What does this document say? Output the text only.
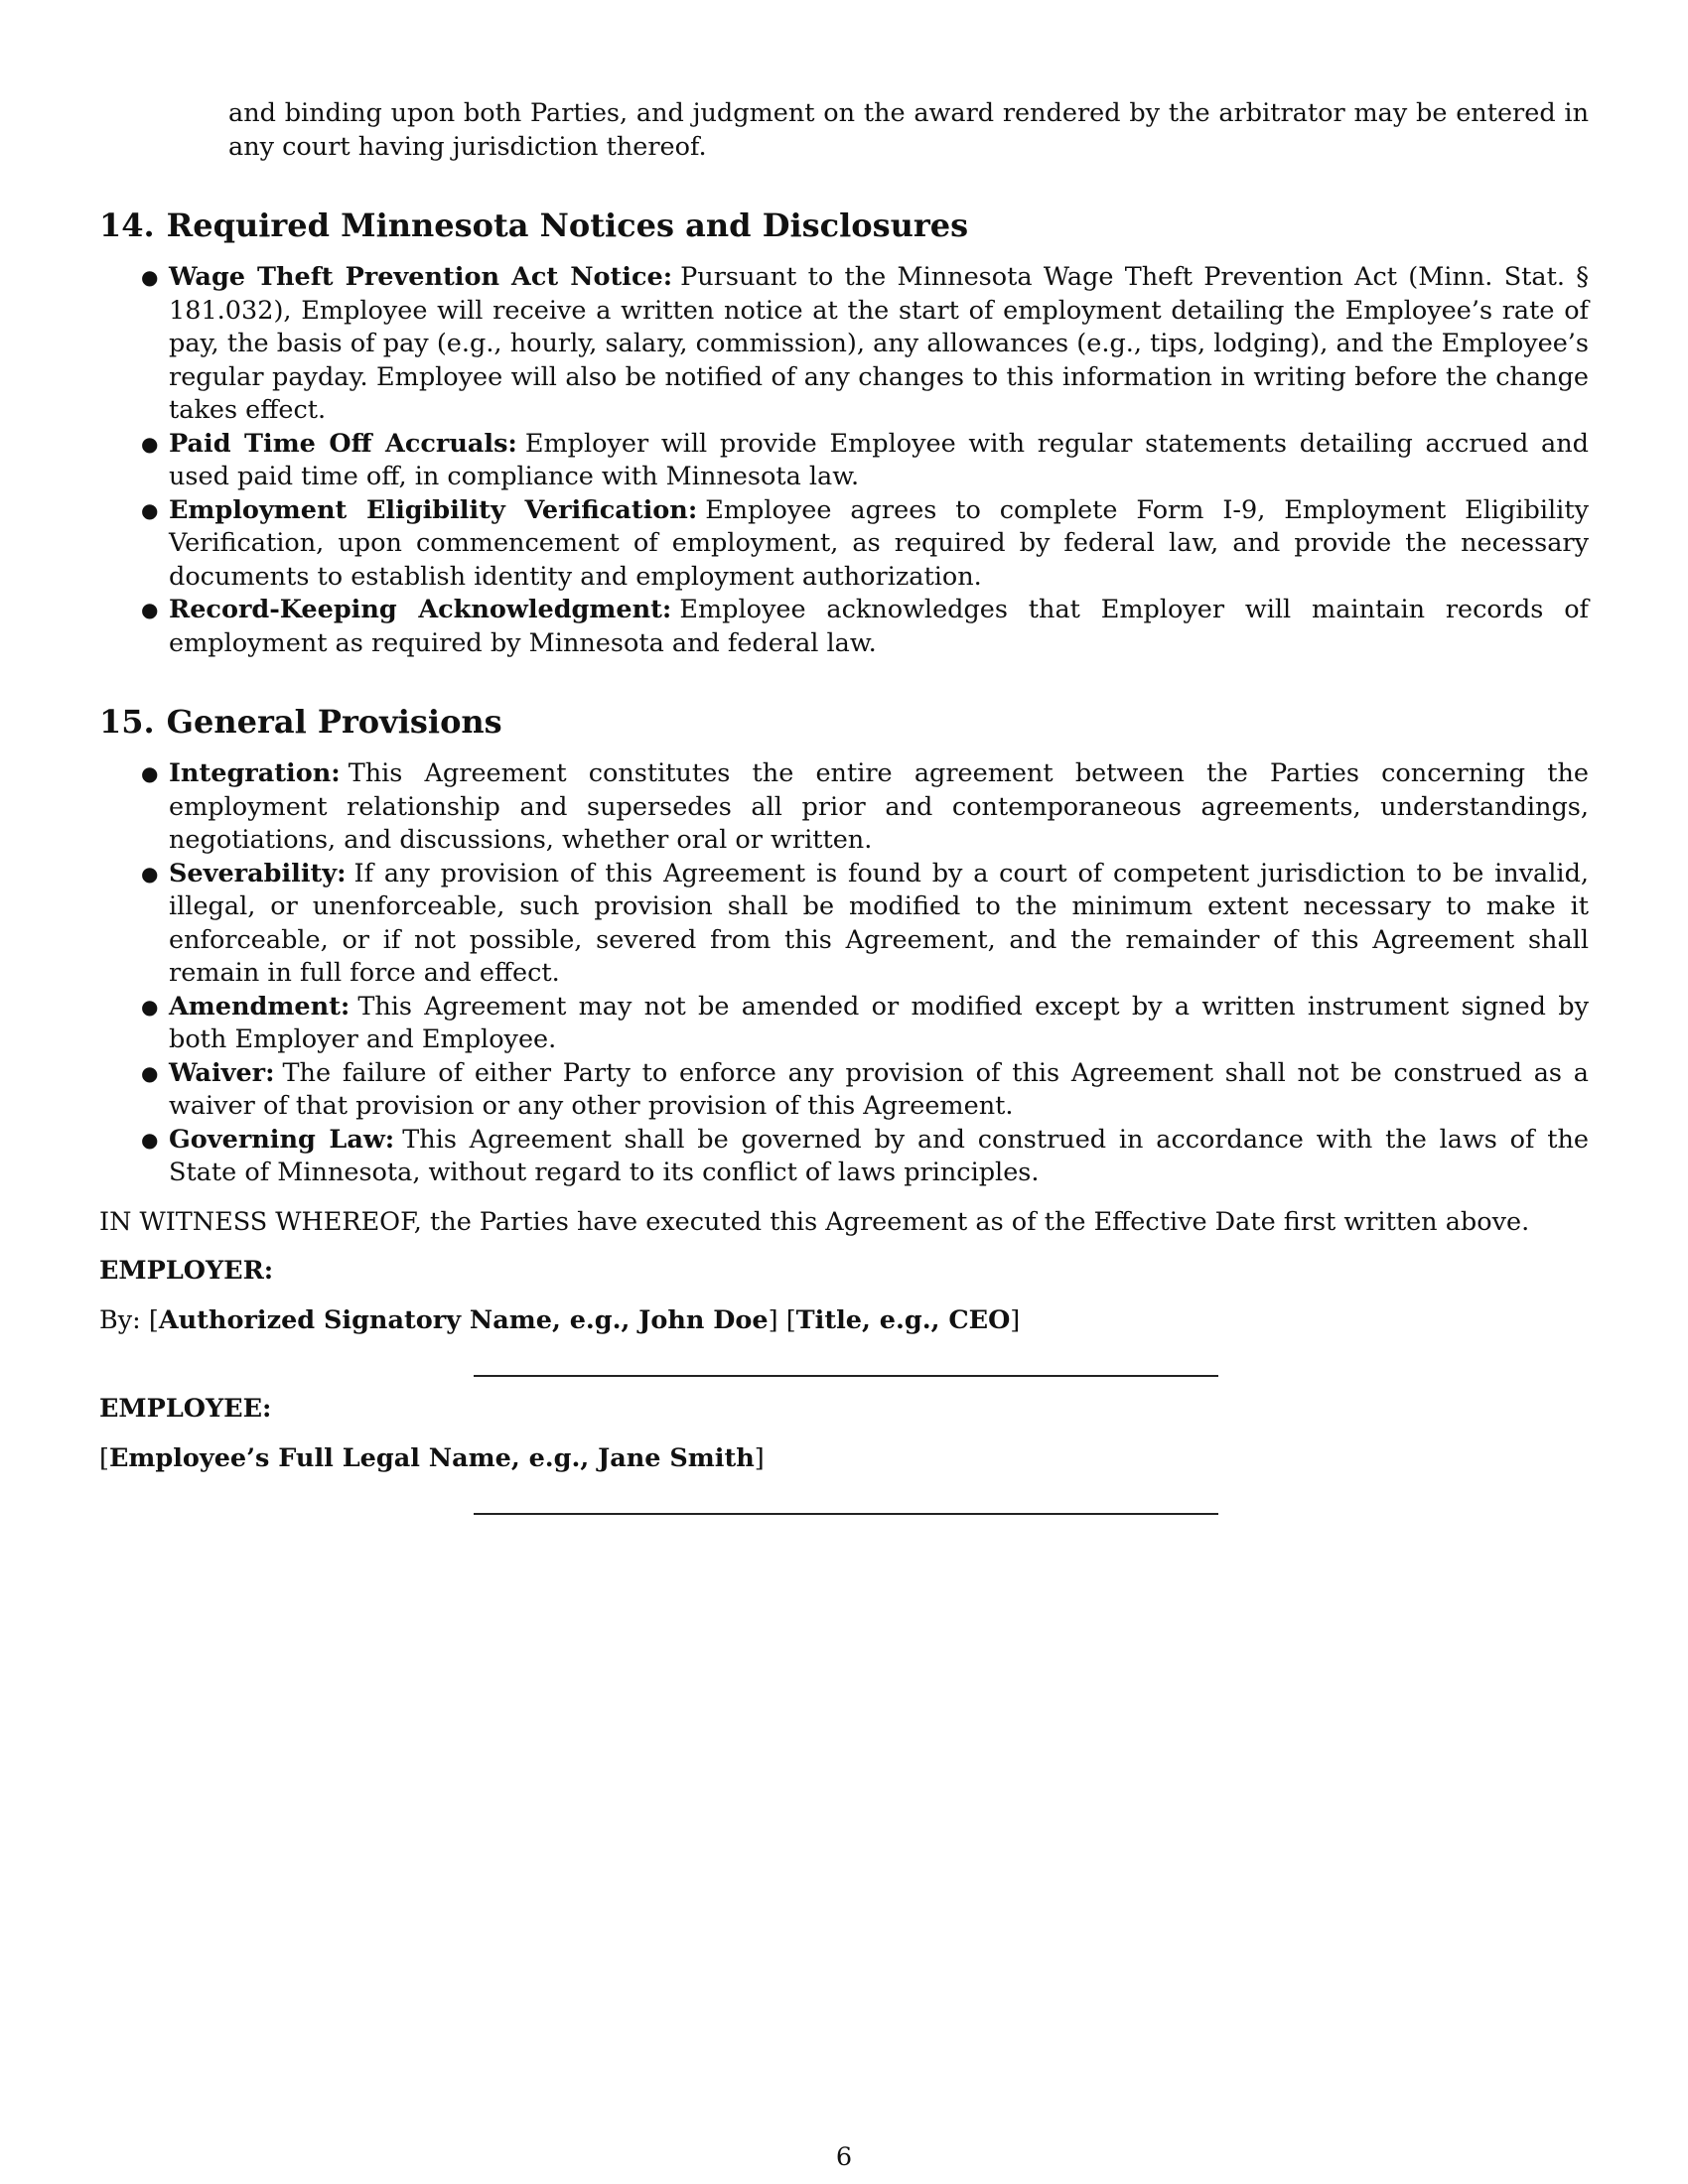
and binding upon both Parties, and judgment on the award rendered by the arbitrator may be entered in any court having jurisdiction thereof.

14. Required Minnesota Notices and Disclosures
● Wage Theft Prevention Act Notice: Pursuant to the Minnesota Wage Theft Prevention Act (Minn. Stat. § 181.032), Employee will receive a written notice at the start of employment detailing the Employee’s rate of pay, the basis of pay (e.g., hourly, salary, commission), any allowances (e.g., tips, lodging), and the Employee’s regular payday. Employee will also be notified of any changes to this information in writing before the change takes effect.
● Paid Time Off Accruals: Employer will provide Employee with regular statements detailing accrued and used paid time off, in compliance with Minnesota law.
● Employment Eligibility Verification: Employee agrees to complete Form I-9, Employment Eligibility Verification, upon commencement of employment, as required by federal law, and provide the necessary documents to establish identity and employment authorization.
● Record-Keeping Acknowledgment: Employee acknowledges that Employer will maintain records of employment as required by Minnesota and federal law.
15. General Provisions
● Integration: This Agreement constitutes the entire agreement between the Parties concerning the employment relationship and supersedes all prior and contemporaneous agreements, understandings, negotiations, and discussions, whether oral or written.
● Severability: If any provision of this Agreement is found by a court of competent jurisdiction to be invalid, illegal, or unenforceable, such provision shall be modified to the minimum extent necessary to make it enforceable, or if not possible, severed from this Agreement, and the remainder of this Agreement shall remain in full force and effect.
● Amendment: This Agreement may not be amended or modified except by a written instrument signed by both Employer and Employee.
● Waiver: The failure of either Party to enforce any provision of this Agreement shall not be construed as a waiver of that provision or any other provision of this Agreement.
● Governing Law: This Agreement shall be governed by and construed in accordance with the laws of the State of Minnesota, without regard to its conflict of laws principles.

IN WITNESS WHEREOF, the Parties have executed this Agreement as of the Effective Date first written above.

EMPLOYER:

By: [Authorized Signatory Name, e.g., John Doe] [Title, e.g., CEO]

EMPLOYEE:

[Employee’s Full Legal Name, e.g., Jane Smith]

6
